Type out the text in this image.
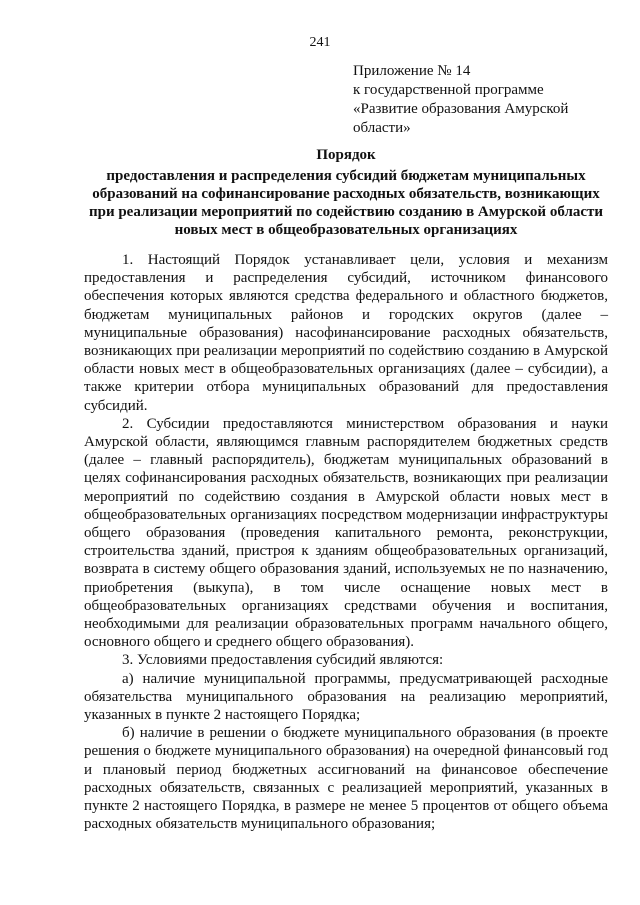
241
Приложение № 14
к государственной программе
«Развитие образования Амурской
области»
Порядок
предоставления и распределения субсидий бюджетам муниципальных образований на софинансирование расходных обязательств, возникающих при реализации мероприятий по содействию созданию в Амурской области новых мест в общеобразовательных организациях

1. Настоящий Порядок устанавливает цели, условия и механизм предоставления и распределения субсидий, источником финансового обеспечения которых являются средства федерального и областного бюджетов, бюджетам муниципальных районов и городских округов (далее – муниципальные образования) насофинансирование расходных обязательств, возникающих при реализации мероприятий по содействию созданию в Амурской области новых мест в общеобразовательных организациях (далее – субсидии), а также критерии отбора муниципальных образований для предоставления субсидий.

2. Субсидии предоставляются министерством образования и науки Амурской области, являющимся главным распорядителем бюджетных средств (далее – главный распорядитель), бюджетам муниципальных образований в целях софинансирования расходных обязательств, возникающих при реализации мероприятий по содействию создания в Амурской области новых мест в общеобразовательных организациях посредством модернизации инфраструктуры общего образования (проведения капитального ремонта, реконструкции, строительства зданий, пристроя к зданиям общеобразовательных организаций, возврата в систему общего образования зданий, используемых не по назначению, приобретения (выкупа), в том числе оснащение новых мест в общеобразовательных организациях средствами обучения и воспитания, необходимыми для реализации образовательных программ начального общего, основного общего и среднего общего образования).

3. Условиями предоставления субсидий являются:

а) наличие муниципальной программы, предусматривающей расходные обязательства муниципального образования на реализацию мероприятий, указанных в пункте 2 настоящего Порядка;

б) наличие в решении о бюджете муниципального образования (в проекте решения о бюджете муниципального образования) на очередной финансовый год и плановый период бюджетных ассигнований на финансовое обеспечение расходных обязательств, связанных с реализацией мероприятий, указанных в пункте 2 настоящего Порядка, в размере не менее 5 процентов от общего объема расходных обязательств муниципального образования;
